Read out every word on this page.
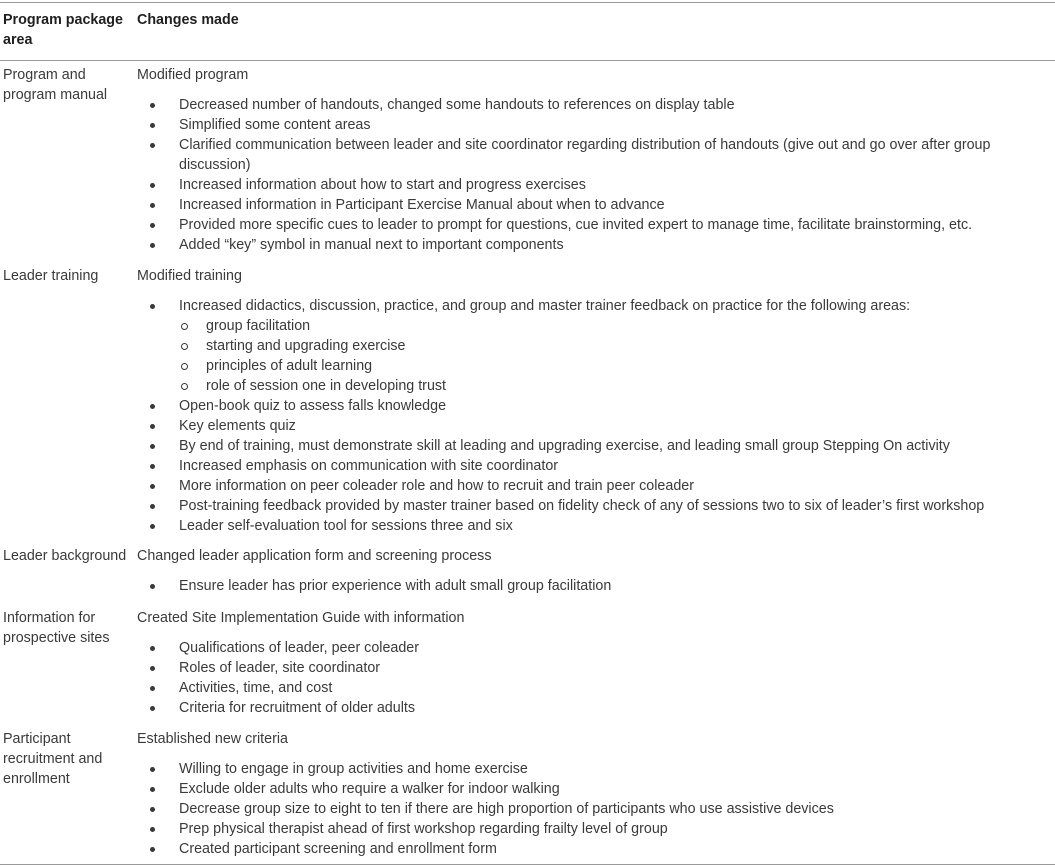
Program package area
Changes made
Program and program manual
Modified program
Decreased number of handouts, changed some handouts to references on display table
Simplified some content areas
Clarified communication between leader and site coordinator regarding distribution of handouts (give out and go over after group discussion)
Increased information about how to start and progress exercises
Increased information in Participant Exercise Manual about when to advance
Provided more specific cues to leader to prompt for questions, cue invited expert to manage time, facilitate brainstorming, etc.
Added “key” symbol in manual next to important components
Leader training	Modified training
Increased didactics, discussion, practice, and group and master trainer feedback on practice for the following areas:
group facilitation
starting and upgrading exercise
principles of adult learning
role of session one in developing trust
Open-book quiz to assess falls knowledge
Key elements quiz
By end of training, must demonstrate skill at leading and upgrading exercise, and leading small group Stepping On activity
Increased emphasis on communication with site coordinator
More information on peer coleader role and how to recruit and train peer coleader
Post-training feedback provided by master trainer based on fidelity check of any of sessions two to six of leader’s first workshop
Leader self-evaluation tool for sessions three and six
Leader background Changed leader application form and screening process
Ensure leader has prior experience with adult small group facilitation
Information for prospective sites
Created Site Implementation Guide with information
Qualifications of leader, peer coleader
Roles of leader, site coordinator
Activities, time, and cost
Criteria for recruitment of older adults
Participant recruitment and enrollment
Established new criteria
Willing to engage in group activities and home exercise
Exclude older adults who require a walker for indoor walking
Decrease group size to eight to ten if there are high proportion of participants who use assistive devices
Prep physical therapist ahead of first workshop regarding frailty level of group
Created participant screening and enrollment form
